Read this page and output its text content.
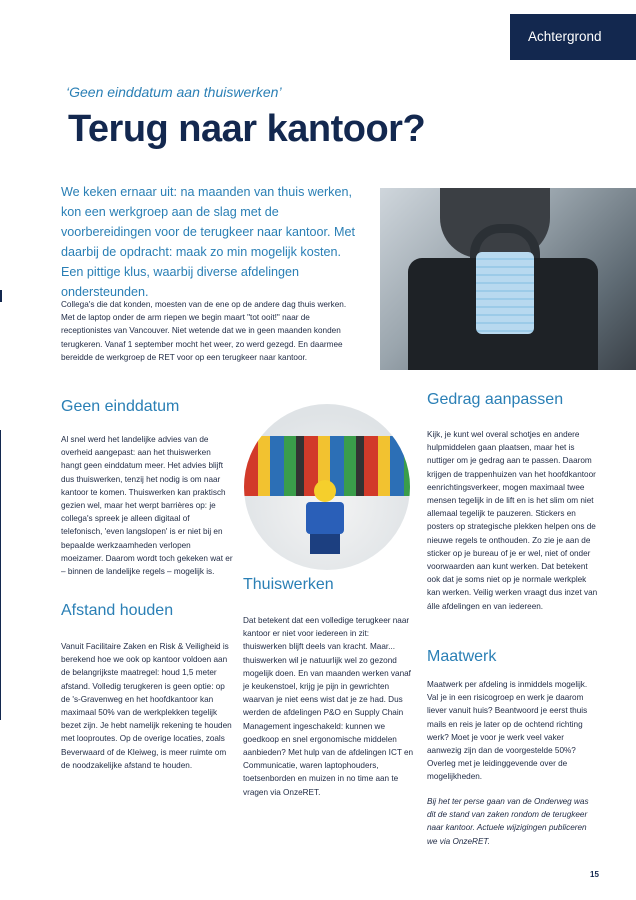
Achtergrond
‘Geen einddatum aan thuiswerken’
Terug naar kantoor?

We keken ernaar uit: na maanden van thuis werken, kon een werkgroep aan de slag met de voorbereidingen voor de terugkeer naar kantoor. Met daarbij de opdracht: maak zo min mogelijk kosten. Een pittige klus, waarbij diverse afdelingen ondersteunden.

Collega's die dat konden, moesten van de ene op de andere dag thuis werken. Met de laptop onder de arm riepen we begin maart "tot ooit!" naar de receptionistes van Vancouver. Niet wetende dat we in geen maanden konden terugkeren. Vanaf 1 september mocht het weer, zo werd gezegd. En daarmee bereidde de werkgroep de RET voor op een terugkeer naar kantoor.

Geen einddatum

Al snel werd het landelijke advies van de overheid aangepast: aan het thuiswerken hangt geen einddatum meer. Het advies blijft dus thuiswerken, tenzij het nodig is om naar kantoor te komen. Thuiswerken kan praktisch gezien wel, maar het werpt barrières op: je collega's spreek je alleen digitaal of telefonisch, 'even langslopen' is er niet bij en bepaalde werkzaamheden verlopen moeizamer. Daarom wordt toch gekeken wat er – binnen de landelijke regels – mogelijk is.

Afstand houden

Vanuit Facilitaire Zaken en Risk & Veiligheid is berekend hoe we ook op kantoor voldoen aan de belangrijkste maatregel: houd 1,5 meter afstand. Volledig terugkeren is geen optie: op de 's-Gravenweg en het hoofdkantoor kan maximaal 50% van de werkplekken tegelijk bezet zijn. Je hebt namelijk rekening te houden met looproutes. Op de overige locaties, zoals Beverwaard of de Kleiweg, is meer ruimte om de noodzakelijke afstand te houden.

Thuiswerken

Dat betekent dat een volledige terugkeer naar kantoor er niet voor iedereen in zit: thuiswerken blijft deels van kracht. Maar... thuiswerken wil je natuurlijk wel zo gezond mogelijk doen. En van maanden werken vanaf je keukenstoel, krijg je pijn in gewrichten waarvan je niet eens wist dat je ze had. Dus werden de afdelingen P&O en Supply Chain Management ingeschakeld: kunnen we goedkoop en snel ergonomische middelen aanbieden? Met hulp van de afdelingen ICT en Communicatie, waren laptophouders, toetsenborden en muizen in no time aan te vragen via OnzeRET.

Gedrag aanpassen

Kijk, je kunt wel overal schotjes en andere hulpmiddelen gaan plaatsen, maar het is nuttiger om je gedrag aan te passen. Daarom krijgen de trappenhuizen van het hoofdkantoor eenrichtingsverkeer, mogen maximaal twee mensen tegelijk in de lift en is het slim om niet allemaal tegelijk te pauzeren. Stickers en posters op strategische plekken helpen ons de nieuwe regels te onthouden. Zo zie je aan de sticker op je bureau of je er wel, niet of onder voorwaarden aan kunt werken. Dat betekent ook dat je soms niet op je normale werkplek kan werken. Veilig werken vraagt dus inzet van álle afdelingen en van iedereen.

Maatwerk

Maatwerk per afdeling is inmiddels mogelijk. Val je in een risicogroep en werk je daarom liever vanuit huis? Beantwoord je eerst thuis mails en reis je later op de ochtend richting werk? Moet je voor je werk veel vaker aanwezig zijn dan de voorgestelde 50%? Overleg met je leidinggevende over de mogelijkheden.

Bij het ter perse gaan van de Onderweg was dit de stand van zaken rondom de terugkeer naar kantoor. Actuele wijzigingen publiceren we via OnzeRET.

15
